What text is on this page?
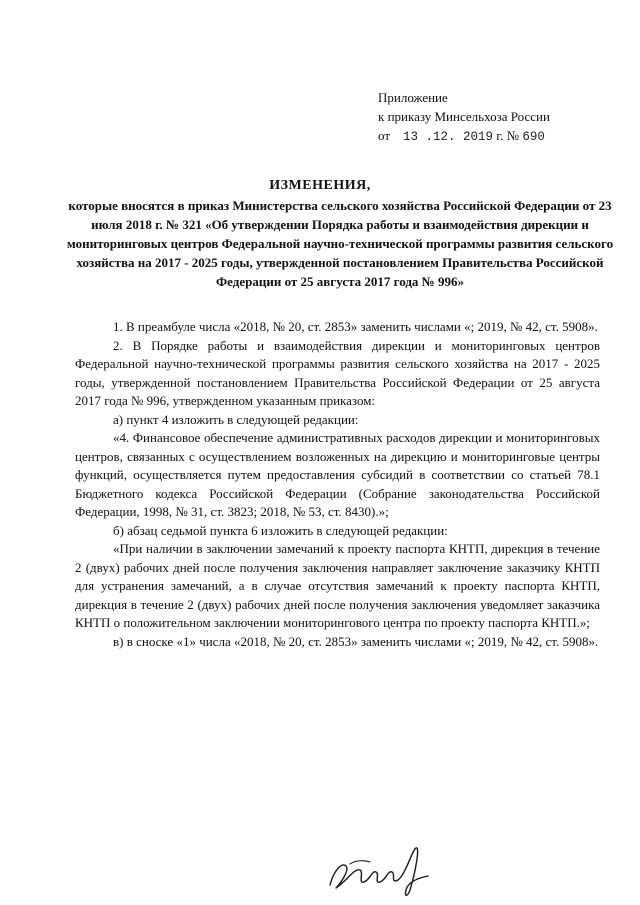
Приложение
к приказу Минсельхоза России
от 13 .12. 2019 г. № 690
ИЗМЕНЕНИЯ,
которые вносятся в приказ Министерства сельского хозяйства Российской Федерации от 23 июля 2018 г. № 321 «Об утверждении Порядка работы и взаимодействия дирекции и мониторинговых центров Федеральной научно-технической программы развития сельского хозяйства на 2017 - 2025 годы, утвержденной постановлением Правительства Российской Федерации от 25 августа 2017 года № 996»

1. В преамбуле числа «2018, № 20, ст. 2853» заменить числами «; 2019, № 42, ст. 5908».

2. В Порядке работы и взаимодействия дирекции и мониторинговых центров Федеральной научно-технической программы развития сельского хозяйства на 2017 - 2025 годы, утвержденной постановлением Правительства Российской Федерации от 25 августа 2017 года № 996, утвержденном указанным приказом:

а) пункт 4 изложить в следующей редакции:

«4. Финансовое обеспечение административных расходов дирекции и мониторинговых центров, связанных с осуществлением возложенных на дирекцию и мониторинговые центры функций, осуществляется путем предоставления субсидий в соответствии со статьей 78.1 Бюджетного кодекса Российской Федерации (Собрание законодательства Российской Федерации, 1998, № 31, ст. 3823; 2018, № 53, ст. 8430).»;

б) абзац седьмой пункта 6 изложить в следующей редакции:

«При наличии в заключении замечаний к проекту паспорта КНТП, дирекция в течение 2 (двух) рабочих дней после получения заключения направляет заключение заказчику КНТП для устранения замечаний, а в случае отсутствия замечаний к проекту паспорта КНТП, дирекция в течение 2 (двух) рабочих дней после получения заключения уведомляет заказчика КНТП о положительном заключении мониторингового центра по проекту паспорта КНТП.»;

в) в сноске «1» числа «2018, № 20, ст. 2853» заменить числами «; 2019, № 42, ст. 5908».
